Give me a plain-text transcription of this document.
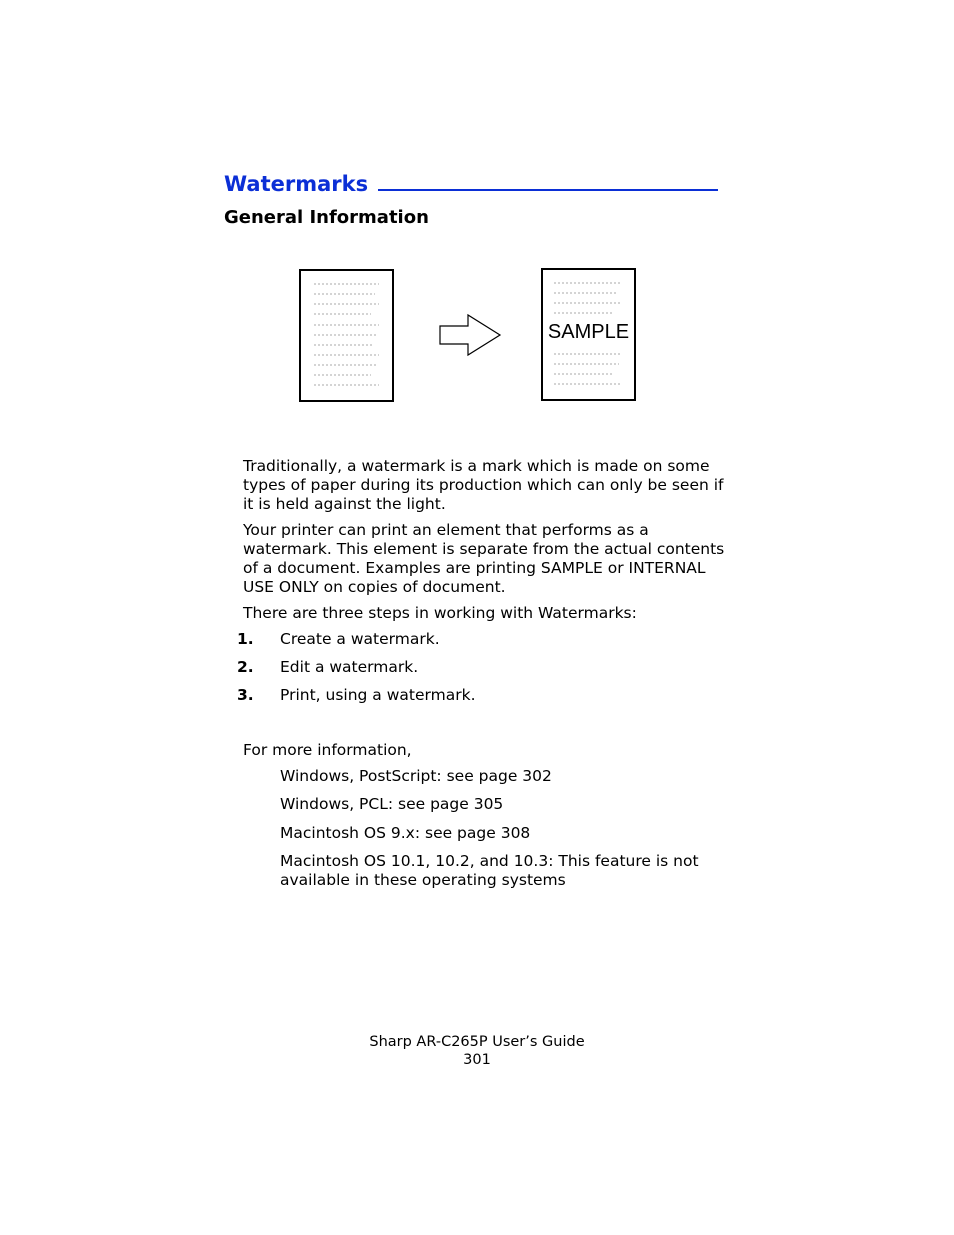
Watermarks
General Information
SAMPLE
Traditionally, a watermark is a mark which is made on some types of paper during its production which can only be seen if it is held against the light.
Your printer can print an element that performs as a watermark. This element is separate from the actual contents of a document. Examples are printing SAMPLE or INTERNAL USE ONLY on copies of document.
There are three steps in working with Watermarks:
1. Create a watermark.
2. Edit a watermark.
3. Print, using a watermark.
For more information,
Windows, PostScript: see page 302
Windows, PCL: see page 305
Macintosh OS 9.x: see page 308
Macintosh OS 10.1, 10.2, and 10.3: This feature is not available in these operating systems
Sharp AR-C265P User’s Guide
301
